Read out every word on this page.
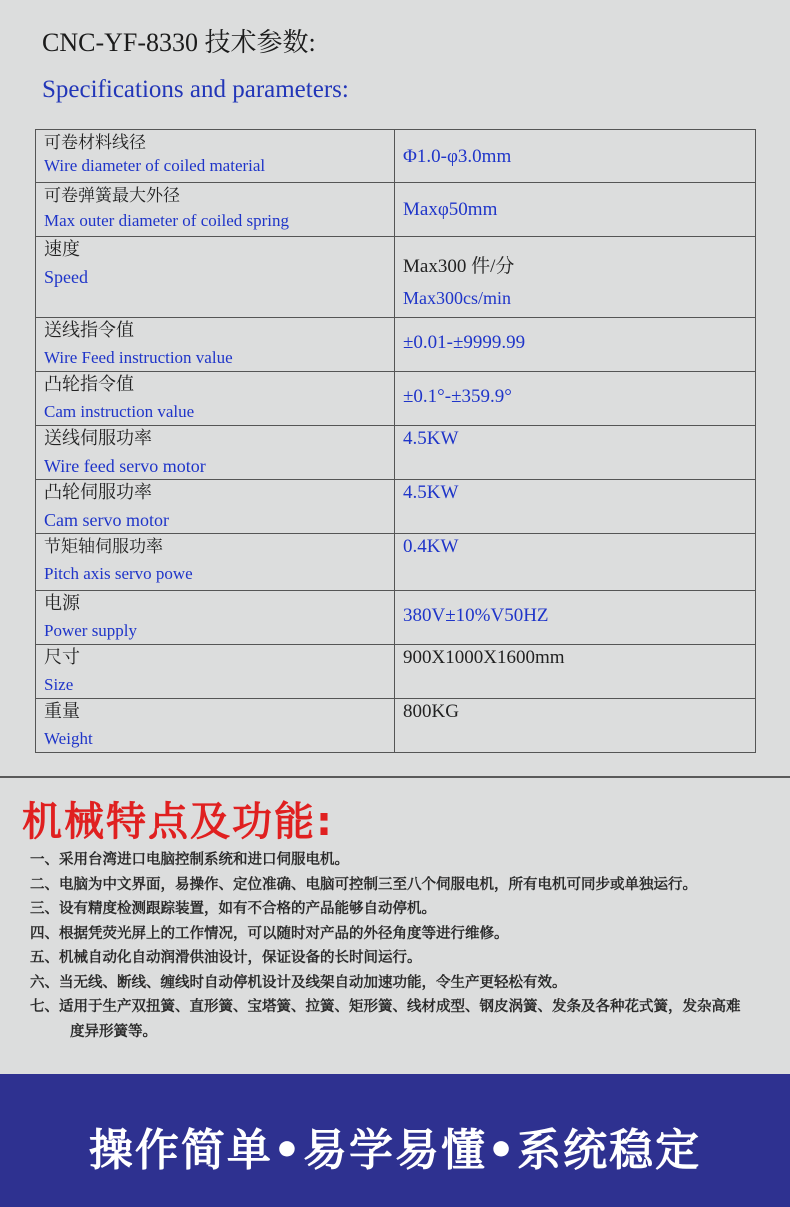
CNC-YF-8330 技术参数:
Specifications and parameters:
可卷材料线径
Wire diameter of coiled material	Φ1.0-φ3.0mm

可卷弹簧最大外径
Max outer diameter of coiled spring	Maxφ50mm

速度
Speed	Max300 件/分
Max300cs/min

送线指令值
Wire Feed instruction value	±0.01-±9999.99

凸轮指令值
Cam instruction value	±0.1°-±359.9°

送线伺服功率
Wire feed servo motor	4.5KW

凸轮伺服功率
Cam servo motor	4.5KW

节矩轴伺服功率
Pitch axis servo powe	0.4KW

电源
Power supply	380V±10%V50HZ

尺寸
Size	900X1000X1600mm

重量
Weight	800KG
机械特点及功能:
一、采用台湾进口电脑控制系统和进口伺服电机。
二、电脑为中文界面，易操作、定位准确、电脑可控制三至八个伺服电机，所有电机可同步或单独运行。
三、设有精度检测跟踪装置，如有不合格的产品能够自动停机。
四、根据凭荧光屏上的工作情况，可以随时对产品的外径角度等进行维修。
五、机械自动化自动润滑供油设计，保证设备的长时间运行。
六、当无线、断线、缠线时自动停机设计及线架自动加速功能，令生产更轻松有效。
七、适用于生产双扭簧、直形簧、宝塔簧、拉簧、矩形簧、线材成型、钢皮涡簧、发条及各种花式簧，发杂高难度异形簧等。
操作简单•易学易懂•系统稳定
